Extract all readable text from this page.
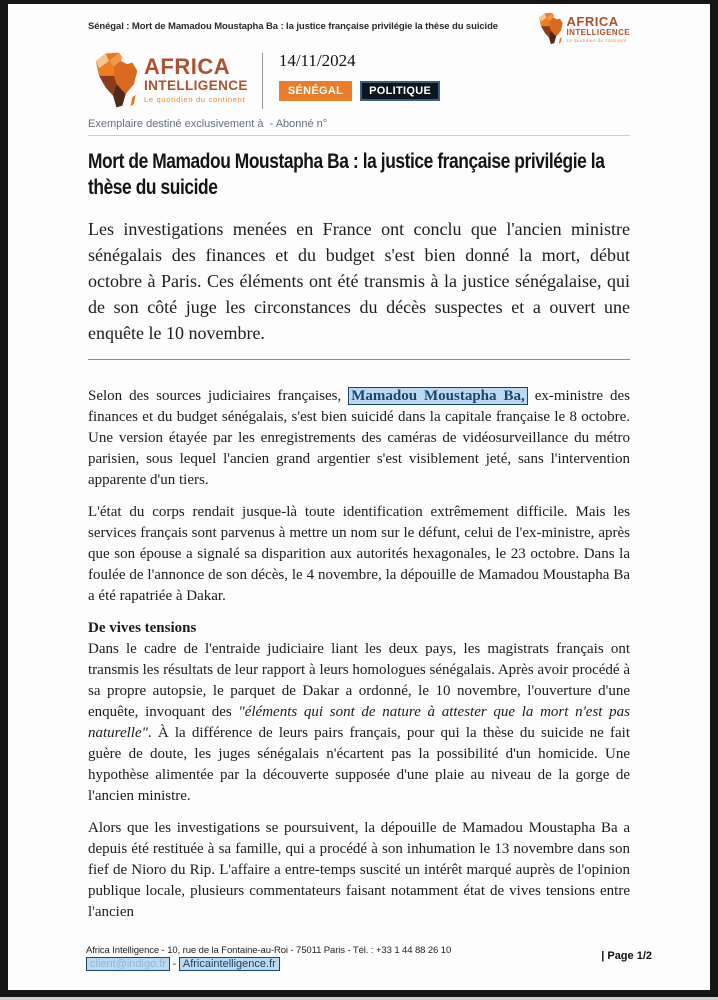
Sénégal : Mort de Mamadou Moustapha Ba : la justice française privilégie la thèse du suicide	AFRICA
INTELLIGENCE
Le quotidien du continent
AFRICA
INTELLIGENCE
Le quotidien du continent
14/11/2024
SÉNÉGAL	POLITIQUE
Exemplaire destiné exclusivement à  - Abonné n°
Mort de Mamadou Moustapha Ba : la justice française privilégie la thèse du suicide

Les investigations menées en France ont conclu que l'ancien ministre sénégalais des finances et du budget s'est bien donné la mort, début octobre à Paris. Ces éléments ont été transmis à la justice sénégalaise, qui de son côté juge les circonstances du décès suspectes et a ouvert une enquête le 10 novembre.

Selon des sources judiciaires françaises, Mamadou Moustapha Ba, ex-ministre des finances et du budget sénégalais, s'est bien suicidé dans la capitale française le 8 octobre. Une version étayée par les enregistrements des caméras de vidéosurveillance du métro parisien, sous lequel l'ancien grand argentier s'est visiblement jeté, sans l'intervention apparente d'un tiers.

L'état du corps rendait jusque-là toute identification extrêmement difficile. Mais les services français sont parvenus à mettre un nom sur le défunt, celui de l'ex-ministre, après que son épouse a signalé sa disparition aux autorités hexagonales, le 23 octobre. Dans la foulée de l'annonce de son décès, le 4 novembre, la dépouille de Mamadou Moustapha Ba a été rapatriée à Dakar.

De vives tensions

Dans le cadre de l'entraide judiciaire liant les deux pays, les magistrats français ont transmis les résultats de leur rapport à leurs homologues sénégalais. Après avoir procédé à sa propre autopsie, le parquet de Dakar a ordonné, le 10 novembre, l'ouverture d'une enquête, invoquant des "éléments qui sont de nature à attester que la mort n'est pas naturelle". À la différence de leurs pairs français, pour qui la thèse du suicide ne fait guère de doute, les juges sénégalais n'écartent pas la possibilité d'un homicide. Une hypothèse alimentée par la découverte supposée d'une plaie au niveau de la gorge de l'ancien ministre.

Alors que les investigations se poursuivent, la dépouille de Mamadou Moustapha Ba a depuis été restituée à sa famille, qui a procédé à son inhumation le 13 novembre dans son fief de Nioro du Rip. L'affaire a entre-temps suscité un intérêt marqué auprès de l'opinion publique locale, plusieurs commentateurs faisant notamment état de vives tensions entre l'ancien

Africa Intelligence - 10, rue de la Fontaine-au-Roi - 75011 Paris - Tél. : +33 1 44 88 26 10
client@indigo.fr - Africaintelligence.fr
| Page 1/2
